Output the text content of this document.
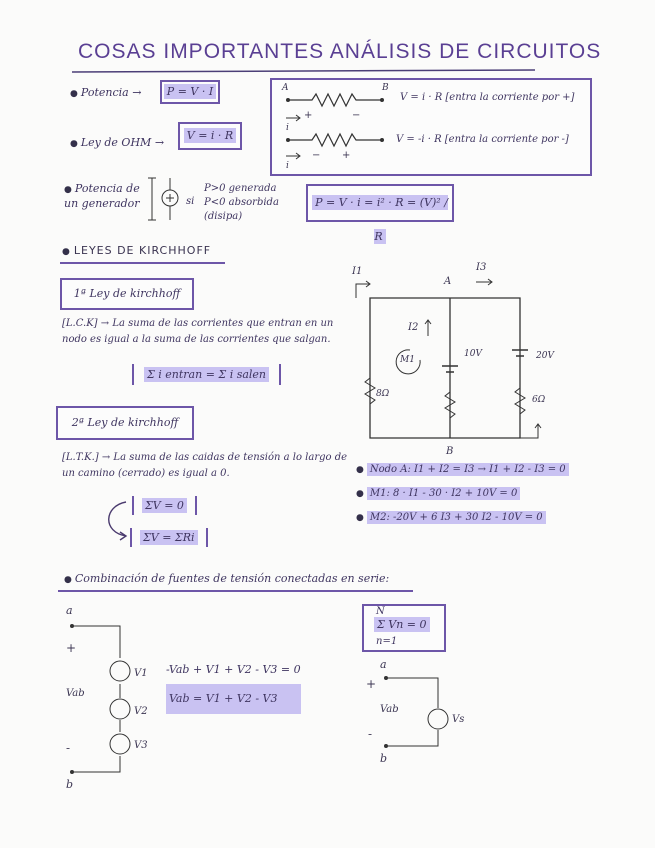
COSAS IMPORTANTES ANÁLISIS DE CIRCUITOS
● Potencia →	P = V · I
● Ley de OHM →
V = i · R
A	B
+	−
i
− +
i
V = i · R [entra la corriente por +]
V = -i · R [entra la corriente por -]
● Potencia de un generador	si
P>0 generada
P<0 absorbida (disipa)
P = V · i = i² · R = (V)² / R
● LEYES DE KIRCHHOFF
1ª Ley de kirchhoff
[L.C.K] → La suma de las corrientes que entran en un nodo es igual a la suma de las corrientes que salgan.
Σ i entran = Σ i salen
2ª Ley de kirchhoff
[L.T.K.] → La suma de las caidas de tensión a lo largo de un camino (cerrado) es igual a 0.
ΣV = 0
ΣV = ΣRi
I1
A
B
I3
I2
M1
10V	20V
6Ω
8Ω
● Nodo A: I1 + I2 = I3 → I1 + I2 - I3 = 0
● M1: 8 · I1 - 30 · I2 + 10V = 0
● M2: -20V + 6 I3 + 30 I2 - 10V = 0
● Combinación de fuentes de tensión conectadas en serie:
a
+
Vab
-
b
V1
V2
V3
-Vab + V1 + V2 - V3 = 0
Vab = V1 + V2 - V3
N
Σ Vn = 0
n=1
a
+
Vab
-
b
Vs
